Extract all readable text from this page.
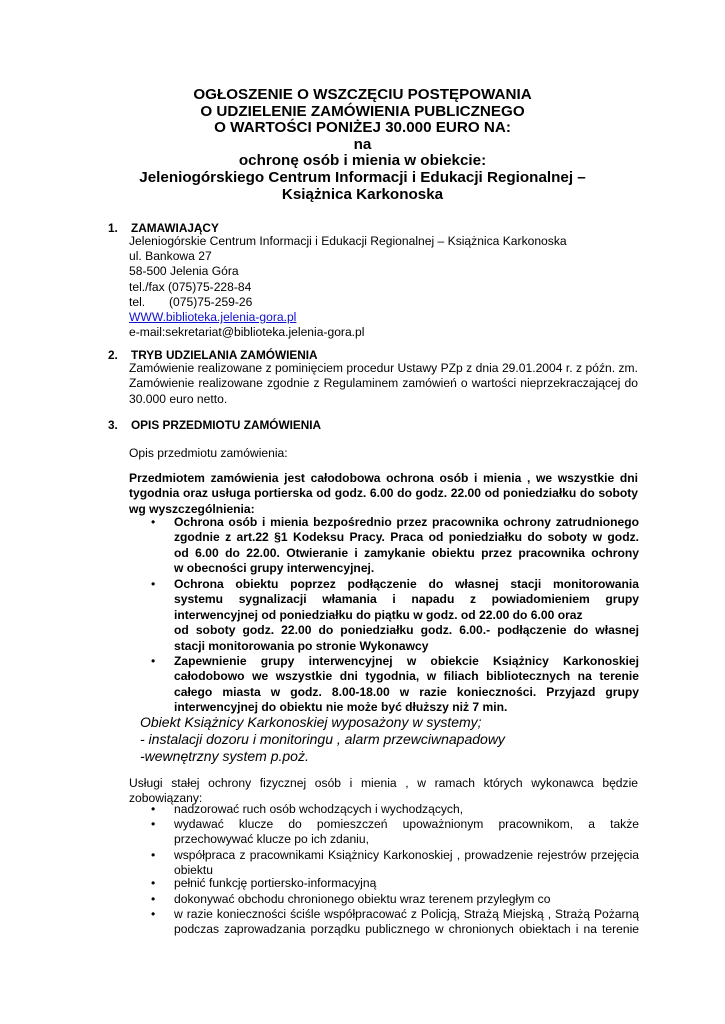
OGŁOSZENIE O WSZCZĘCIU POSTĘPOWANIA
O UDZIELENIE ZAMÓWIENIA PUBLICZNEGO
O WARTOŚCI PONIŻEJ 30.000 EURO NA:
na
ochronę osób i mienia w obiekcie:
Jeleniogórskiego Centrum Informacji i Edukacji Regionalnej –
Książnica Karkonoska
1. ZAMAWIAJĄCY
Jeleniogórskie Centrum Informacji i Edukacji Regionalnej – Książnica Karkonoska
ul. Bankowa 27
58-500 Jelenia Góra
tel./fax (075)75-228-84
tel. (075)75-259-26
WWW.biblioteka.jelenia-gora.pl
e-mail:sekretariat@biblioteka.jelenia-gora.pl
2. TRYB UDZIELANIA ZAMÓWIENIA
Zamówienie realizowane z pominięciem procedur Ustawy PZp z dnia 29.01.2004 r. z późn. zm. Zamówienie realizowane zgodnie z Regulaminem zamówień o wartości nieprzekraczającej do 30.000 euro netto.
3. OPIS PRZEDMIOTU ZAMÓWIENIA
Opis przedmiotu zamówienia:
Przedmiotem zamówienia jest całodobowa ochrona osób i mienia , we wszystkie dni tygodnia oraz usługa portierska od godz. 6.00 do godz. 22.00 od poniedziałku do soboty wg wyszczególnienia:
• Ochrona osób i mienia bezpośrednio przez pracownika ochrony zatrudnionego
zgodnie z art.22 §1 Kodeksu Pracy. Praca od poniedziałku do soboty w godz.
od 6.00 do 22.00. Otwieranie i zamykanie obiektu przez pracownika ochrony
w obecności grupy interwencyjnej.
• Ochrona obiektu poprzez podłączenie do własnej stacji monitorowania
systemu sygnalizacji włamania i napadu z powiadomieniem grupy
interwencyjnej od poniedziałku do piątku w godz. od 22.00 do 6.00 oraz
od soboty godz. 22.00 do poniedziałku godz. 6.00.- podłączenie do własnej
stacji monitorowania po stronie Wykonawcy
• Zapewnienie grupy interwencyjnej w obiekcie Książnicy Karkonoskiej
całodobowo we wszystkie dni tygodnia, w filiach bibliotecznych na terenie
całego miasta w godz. 8.00-18.00 w razie konieczności. Przyjazd grupy
interwencyjnej do obiektu nie może być dłuższy niż 7 min.
Obiekt Książnicy Karkonoskiej wyposażony w systemy;
- instalacji dozoru i monitoringu , alarm przewciwnapadowy
-wewnętrzny system p.poż.
Usługi stałej ochrony fizycznej osób i mienia , w ramach których wykonawca będzie zobowiązany:
• nadzorować ruch osób wchodzących i wychodzących,
• wydawać klucze do pomieszczeń upoważnionym pracownikom, a także
przechowywać klucze po ich zdaniu,
• współpraca z pracownikami Książnicy Karkonoskiej , prowadzenie rejestrów przejęcia
obiektu
• pełnić funkcję portiersko-informacyjną
• dokonywać obchodu chronionego obiektu wraz terenem przyległym co
• w razie konieczności ściśle współpracować z Policją, Strażą Miejską , Strażą Pożarną
podczas zaprowadzania porządku publicznego w chronionych obiektach i na terenie
